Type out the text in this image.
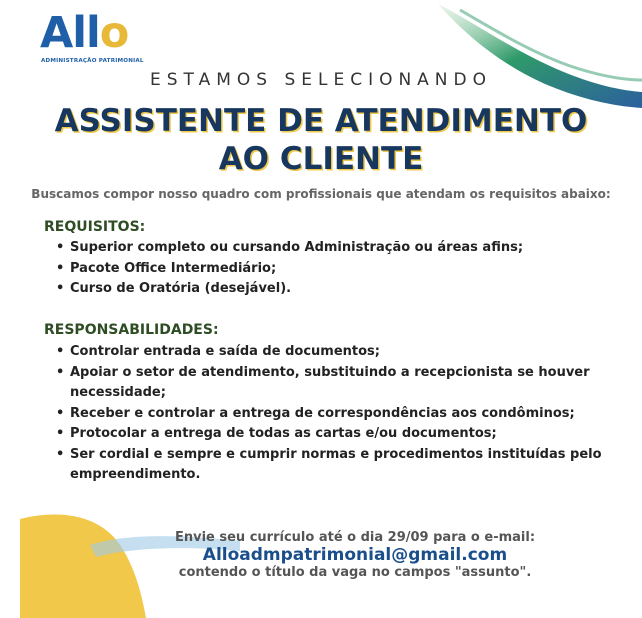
Allo
ADMINISTRAÇÃO PATRIMONIAL
ESTAMOS SELECIONANDO
ASSISTENTE DE ATENDIMENTO
AO CLIENTE
Buscamos compor nosso quadro com profissionais que atendam os requisitos abaixo:
REQUISITOS:
• Superior completo ou cursando Administração ou áreas afins;
• Pacote Office Intermediário;
• Curso de Oratória (desejável).
RESPONSABILIDADES:
• Controlar entrada e saída de documentos;
• Apoiar o setor de atendimento, substituindo a recepcionista se houver necessidade;
• Receber e controlar a entrega de correspondências aos condôminos;
• Protocolar a entrega de todas as cartas e/ou documentos;
• Ser cordial e sempre e cumprir normas e procedimentos instituídas pelo empreendimento.
Envie seu currículo até o dia 29/09 para o e-mail:
Alloadmpatrimonial@gmail.com
contendo o título da vaga no campos "assunto".
